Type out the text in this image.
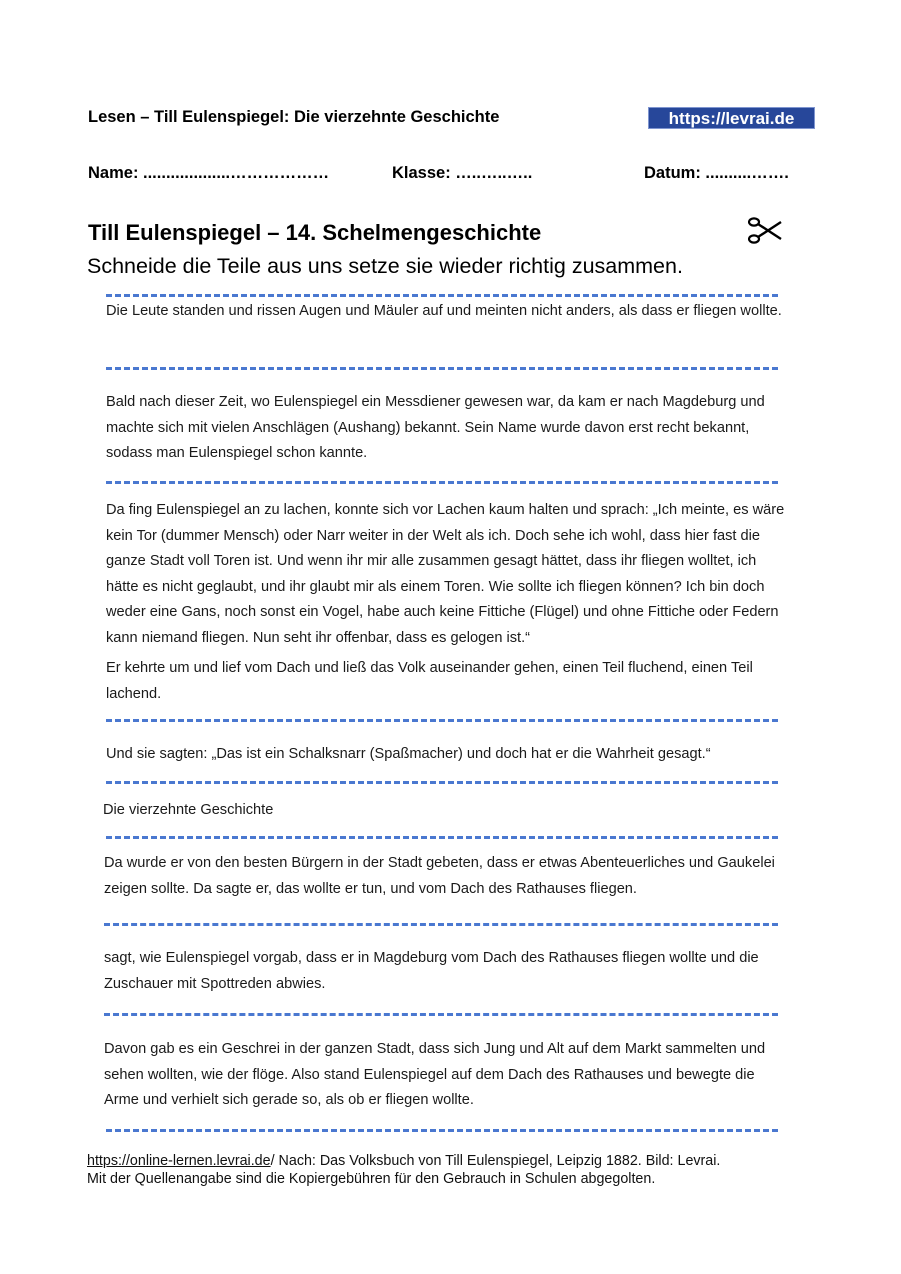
Lesen – Till Eulenspiegel: Die vierzehnte Geschichte	https://levrai.de
Name: ...................………………	Klasse: …..…..…..	Datum: ..........…….
Till Eulenspiegel – 14. Schelmengeschichte
Schneide die Teile aus uns setze sie wieder richtig zusammen.

Die Leute standen und rissen Augen und Mäuler auf und meinten nicht anders, als dass er fliegen wollte.

Bald nach dieser Zeit, wo Eulenspiegel ein Messdiener gewesen war, da kam er nach Magdeburg und machte sich mit vielen Anschlägen (Aushang) bekannt. Sein Name wurde davon erst recht bekannt, sodass man Eulenspiegel schon kannte.

Da fing Eulenspiegel an zu lachen, konnte sich vor Lachen kaum halten und sprach: „Ich meinte, es wäre kein Tor (dummer Mensch) oder Narr weiter in der Welt als ich. Doch sehe ich wohl, dass hier fast die ganze Stadt voll Toren ist. Und wenn ihr mir alle zusammen gesagt hättet, dass ihr fliegen wolltet, ich hätte es nicht geglaubt, und ihr glaubt mir als einem Toren. Wie sollte ich fliegen können? Ich bin doch weder eine Gans, noch sonst ein Vogel, habe auch keine Fittiche (Flügel) und ohne Fittiche oder Federn kann niemand fliegen. Nun seht ihr offenbar, dass es gelogen ist.“

Er kehrte um und lief vom Dach und ließ das Volk auseinander gehen, einen Teil fluchend, einen Teil lachend.

Und sie sagten: „Das ist ein Schalksnarr (Spaßmacher) und doch hat er die Wahrheit gesagt.“

Die vierzehnte Geschichte

Da wurde er von den besten Bürgern in der Stadt gebeten, dass er etwas Abenteuerliches und Gaukelei zeigen sollte. Da sagte er, das wollte er tun, und vom Dach des Rathauses fliegen.

sagt, wie Eulenspiegel vorgab, dass er in Magdeburg vom Dach des Rathauses fliegen wollte und die Zuschauer mit Spottreden abwies.

Davon gab es ein Geschrei in der ganzen Stadt, dass sich Jung und Alt auf dem Markt sammelten und sehen wollten, wie der flöge. Also stand Eulenspiegel auf dem Dach des Rathauses und bewegte die Arme und verhielt sich gerade so, als ob er fliegen wollte.

https://online-lernen.levrai.de/ Nach: Das Volksbuch von Till Eulenspiegel, Leipzig 1882. Bild: Levrai.
Mit der Quellenangabe sind die Kopiergebühren für den Gebrauch in Schulen abgegolten.
